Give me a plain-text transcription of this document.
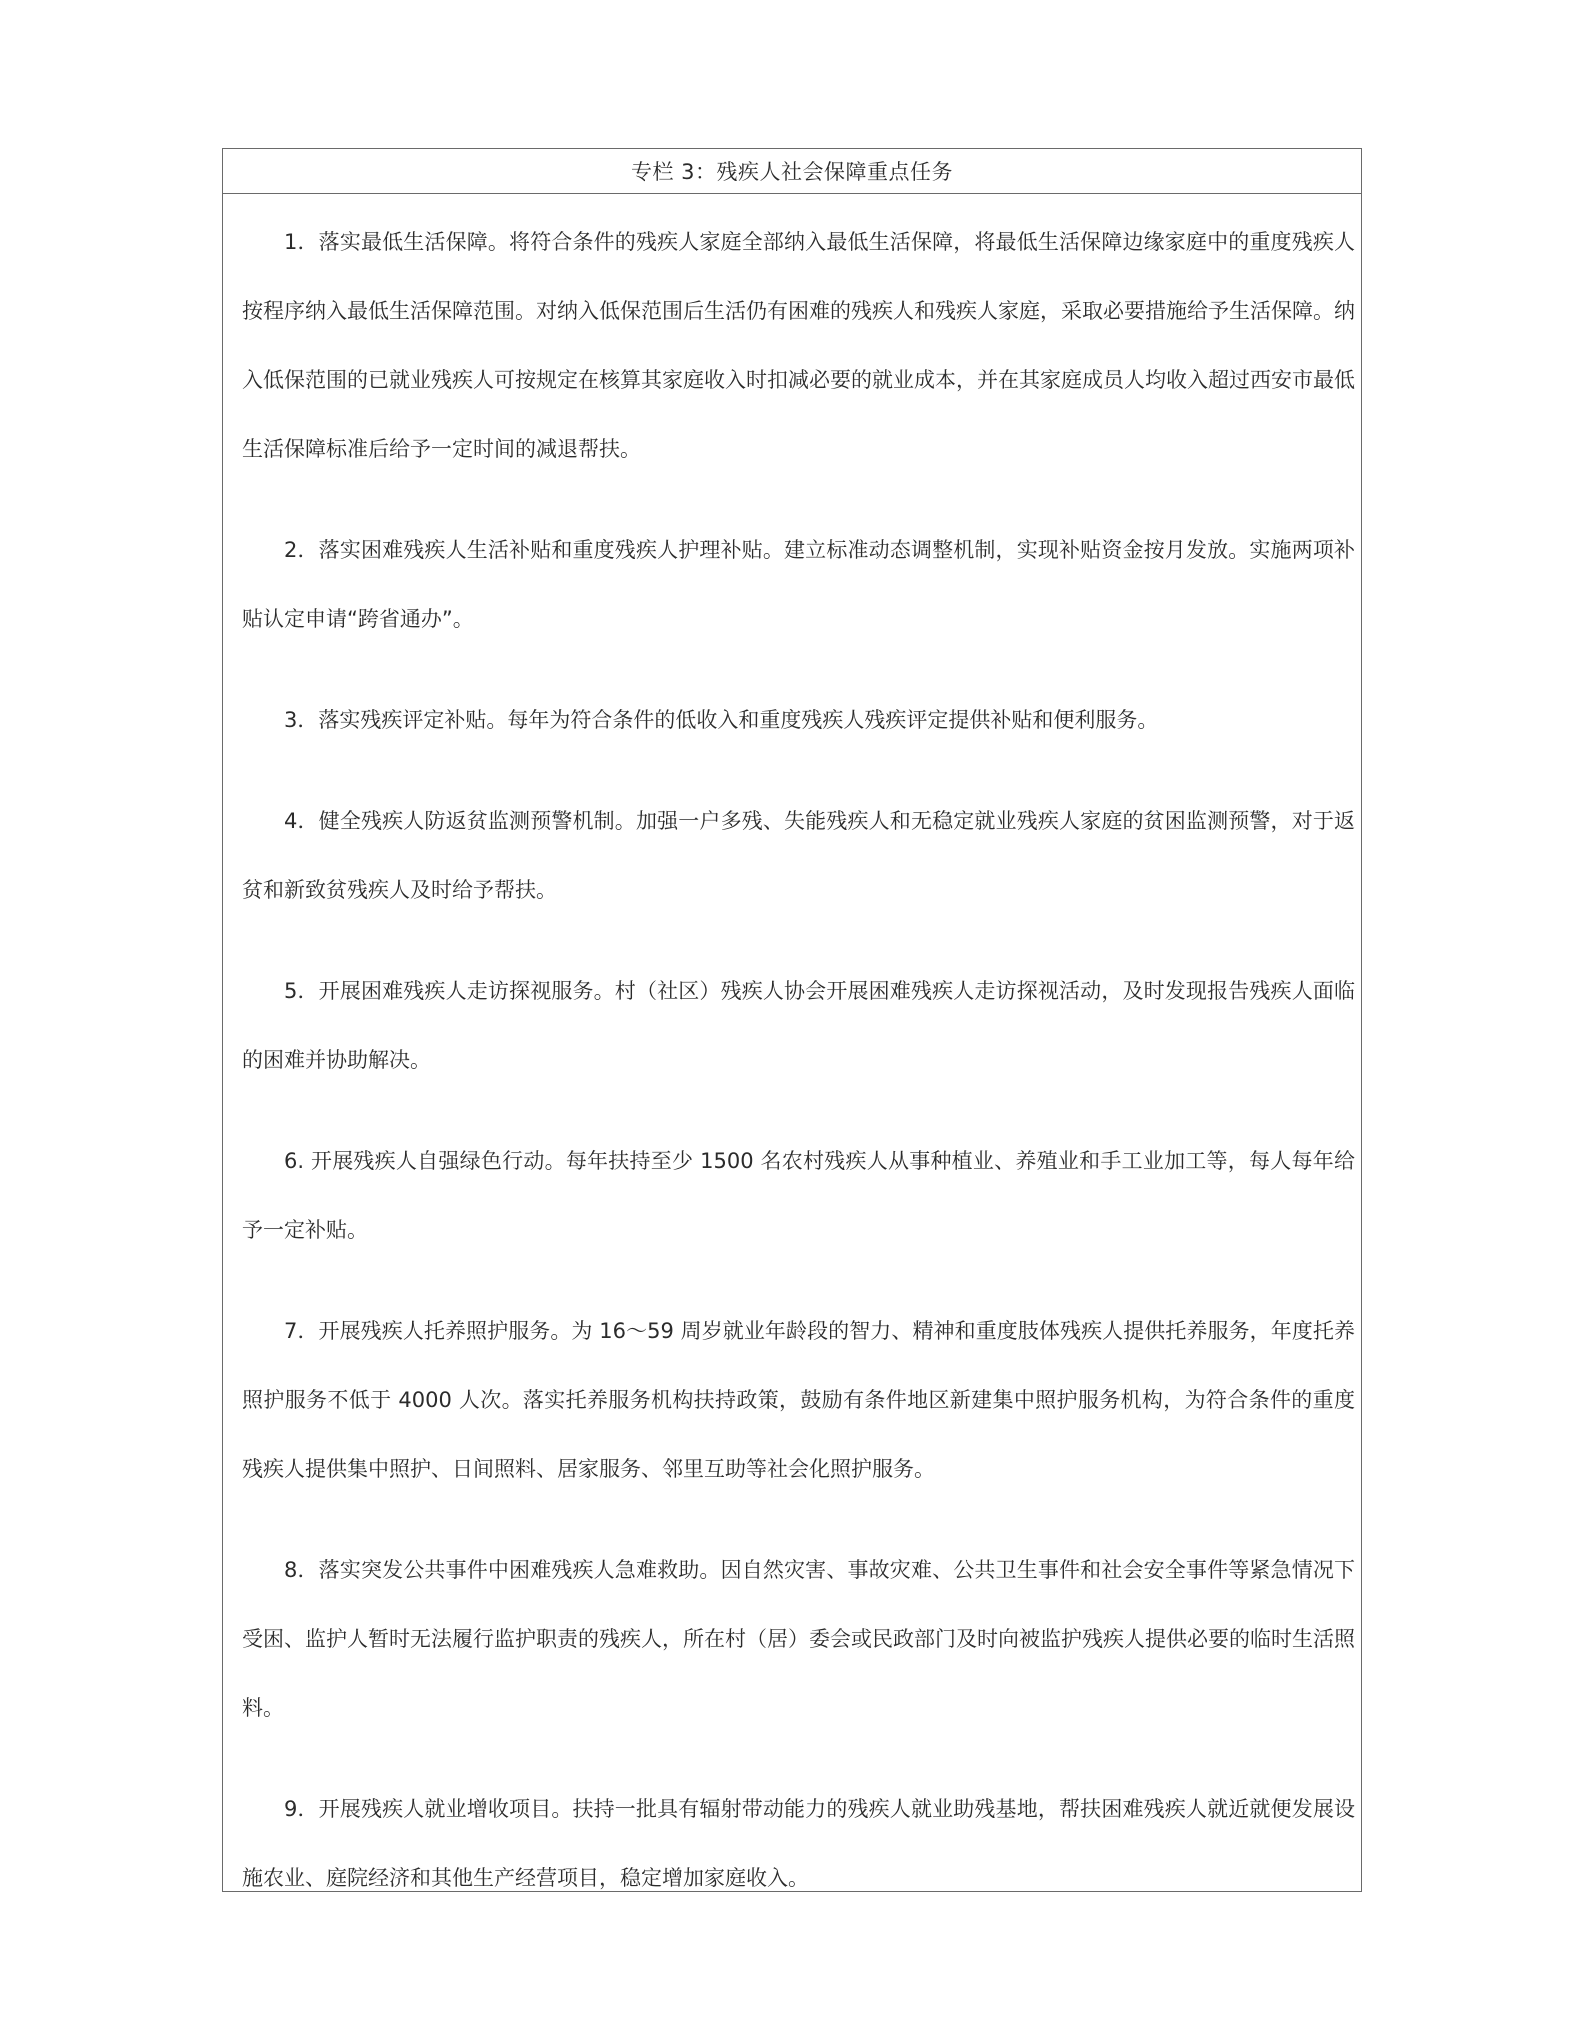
专栏 3：残疾人社会保障重点任务

1．落实最低生活保障。将符合条件的残疾人家庭全部纳入最低生活保障，将最低生活保障边缘家庭中的重度残疾人按程序纳入最低生活保障范围。对纳入低保范围后生活仍有困难的残疾人和残疾人家庭，采取必要措施给予生活保障。纳入低保范围的已就业残疾人可按规定在核算其家庭收入时扣减必要的就业成本，并在其家庭成员人均收入超过西安市最低生活保障标准后给予一定时间的减退帮扶。

2．落实困难残疾人生活补贴和重度残疾人护理补贴。建立标准动态调整机制，实现补贴资金按月发放。实施两项补贴认定申请“跨省通办”。

3．落实残疾评定补贴。每年为符合条件的低收入和重度残疾人残疾评定提供补贴和便利服务。

4．健全残疾人防返贫监测预警机制。加强一户多残、失能残疾人和无稳定就业残疾人家庭的贫困监测预警，对于返贫和新致贫残疾人及时给予帮扶。

5．开展困难残疾人走访探视服务。村（社区）残疾人协会开展困难残疾人走访探视活动，及时发现报告残疾人面临的困难并协助解决。

6. 开展残疾人自强绿色行动。每年扶持至少 1500 名农村残疾人从事种植业、养殖业和手工业加工等，每人每年给予一定补贴。

7．开展残疾人托养照护服务。为 16～59 周岁就业年龄段的智力、精神和重度肢体残疾人提供托养服务，年度托养照护服务不低于 4000 人次。落实托养服务机构扶持政策，鼓励有条件地区新建集中照护服务机构，为符合条件的重度残疾人提供集中照护、日间照料、居家服务、邻里互助等社会化照护服务。

8．落实突发公共事件中困难残疾人急难救助。因自然灾害、事故灾难、公共卫生事件和社会安全事件等紧急情况下受困、监护人暂时无法履行监护职责的残疾人，所在村（居）委会或民政部门及时向被监护残疾人提供必要的临时生活照料。

9．开展残疾人就业增收项目。扶持一批具有辐射带动能力的残疾人就业助残基地，帮扶困难残疾人就近就便发展设施农业、庭院经济和其他生产经营项目，稳定增加家庭收入。
